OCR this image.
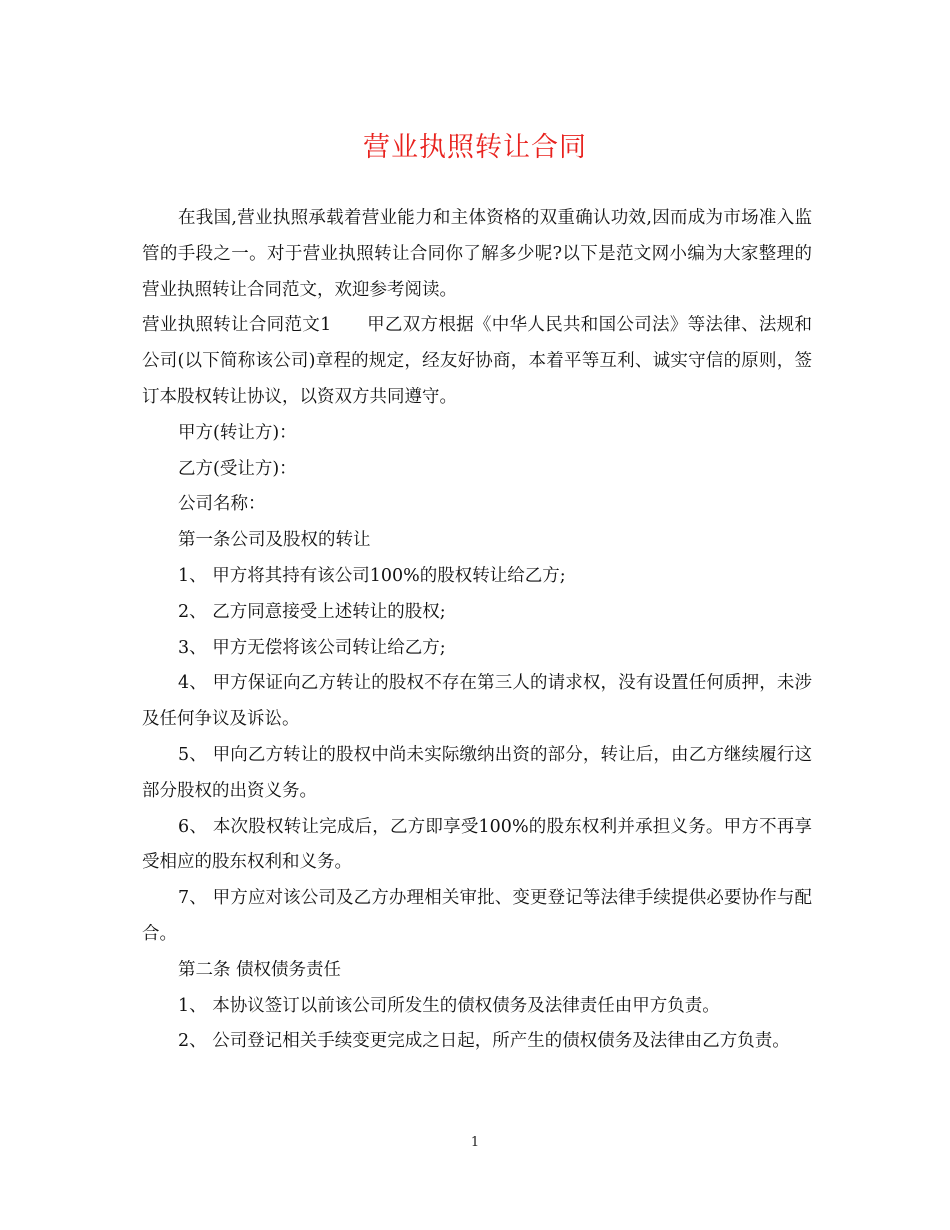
营业执照转让合同

在我国,营业执照承载着营业能力和主体资格的双重确认功效,因而成为市场准入监管的手段之一。对于营业执照转让合同你了解多少呢?以下是范文网小编为大家整理的营业执照转让合同范文，欢迎参考阅读。

营业执照转让合同范文1　　甲乙双方根据《中华人民共和国公司法》等法律、法规和公司(以下简称该公司)章程的规定，经友好协商，本着平等互利、诚实守信的原则，签订本股权转让协议，以资双方共同遵守。

甲方(转让方)：

乙方(受让方)：

公司名称：

第一条公司及股权的转让

1、 甲方将其持有该公司100%的股权转让给乙方;

2、 乙方同意接受上述转让的股权;

3、 甲方无偿将该公司转让给乙方;

4、 甲方保证向乙方转让的股权不存在第三人的请求权，没有设置任何质押，未涉及任何争议及诉讼。

5、 甲向乙方转让的股权中尚未实际缴纳出资的部分，转让后，由乙方继续履行这部分股权的出资义务。

6、 本次股权转让完成后，乙方即享受100%的股东权利并承担义务。甲方不再享受相应的股东权利和义务。

7、 甲方应对该公司及乙方办理相关审批、变更登记等法律手续提供必要协作与配合。

第二条 债权债务责任

1、 本协议签订以前该公司所发生的债权债务及法律责任由甲方负责。

2、 公司登记相关手续变更完成之日起，所产生的债权债务及法律由乙方负责。

1
